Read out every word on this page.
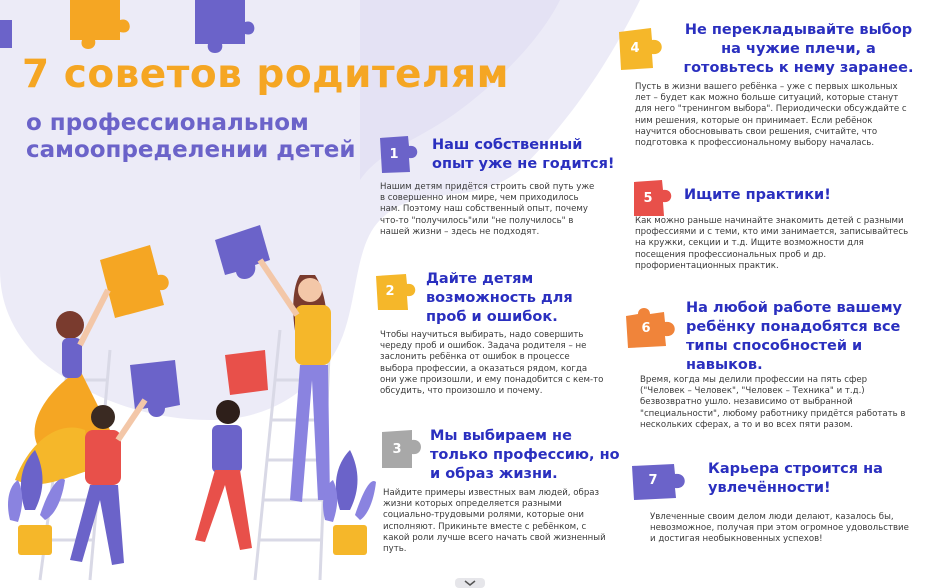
7 советов родителям
о профессиональном самоопределении детей	1
Наш собственный опыт уже не годится!
Нашим детям придётся строить свой путь уже в совершенно ином мире, чем приходилось нам. Поэтому наш собственный опыт, почему что-то "получилось"или "не получилось" в нашей жизни – здесь не подходят.
2
Дайте детям возможность для проб и ошибок.
Чтобы научиться выбирать, надо совершить череду проб и ошибок. Задача родителя – не заслонить ребёнка от ошибок в процессе выбора профессии, а оказаться рядом, когда они уже произошли, и ему понадобится с кем-то обсудить, что произошло и почему.
3
Мы выбираем не только профессию, но и образ жизни.
Найдите примеры известных вам людей, образ жизни которых определяется разными социально-трудовыми ролями, которые они исполняют. Прикиньте вместе с ребёнком, с какой роли лучше всего начать свой жизненный путь.
4
Не перекладывайте выбор на чужие плечи, а готовьтесь к нему заранее.
Пусть в жизни вашего ребёнка – уже с первых школьных лет – будет как можно больше ситуаций, которые станут для него "тренингом выбора". Периодически обсуждайте с ним решения, которые он принимает. Если ребёнок научится обосновывать свои решения, считайте, что подготовка к профессиональному выбору началась.
5	Ищите практики!
Как можно раньше начинайте знакомить детей с разными профессиями и с теми, кто ими занимается, записывайтесь на кружки, секции и т.д. Ищите возможности для посещения профессиональных проб и др. профориентационных практик.
6
На любой работе вашему ребёнку понадобятся все типы способностей и навыков.
Время, когда мы делили профессии на пять сфер ("Человек – Человек", "Человек – Техника" и т.д.) безвозвратно ушло. независимо от выбранной "специальности", любому работнику придётся работать в нескольких сферах, а то и во всех пяти разом.
7
Карьера строится на увлечённости!
Увлеченные своим делом люди делают, казалось бы, невозможное, получая при этом огромное удовольствие и достигая необыкновенных успехов!
